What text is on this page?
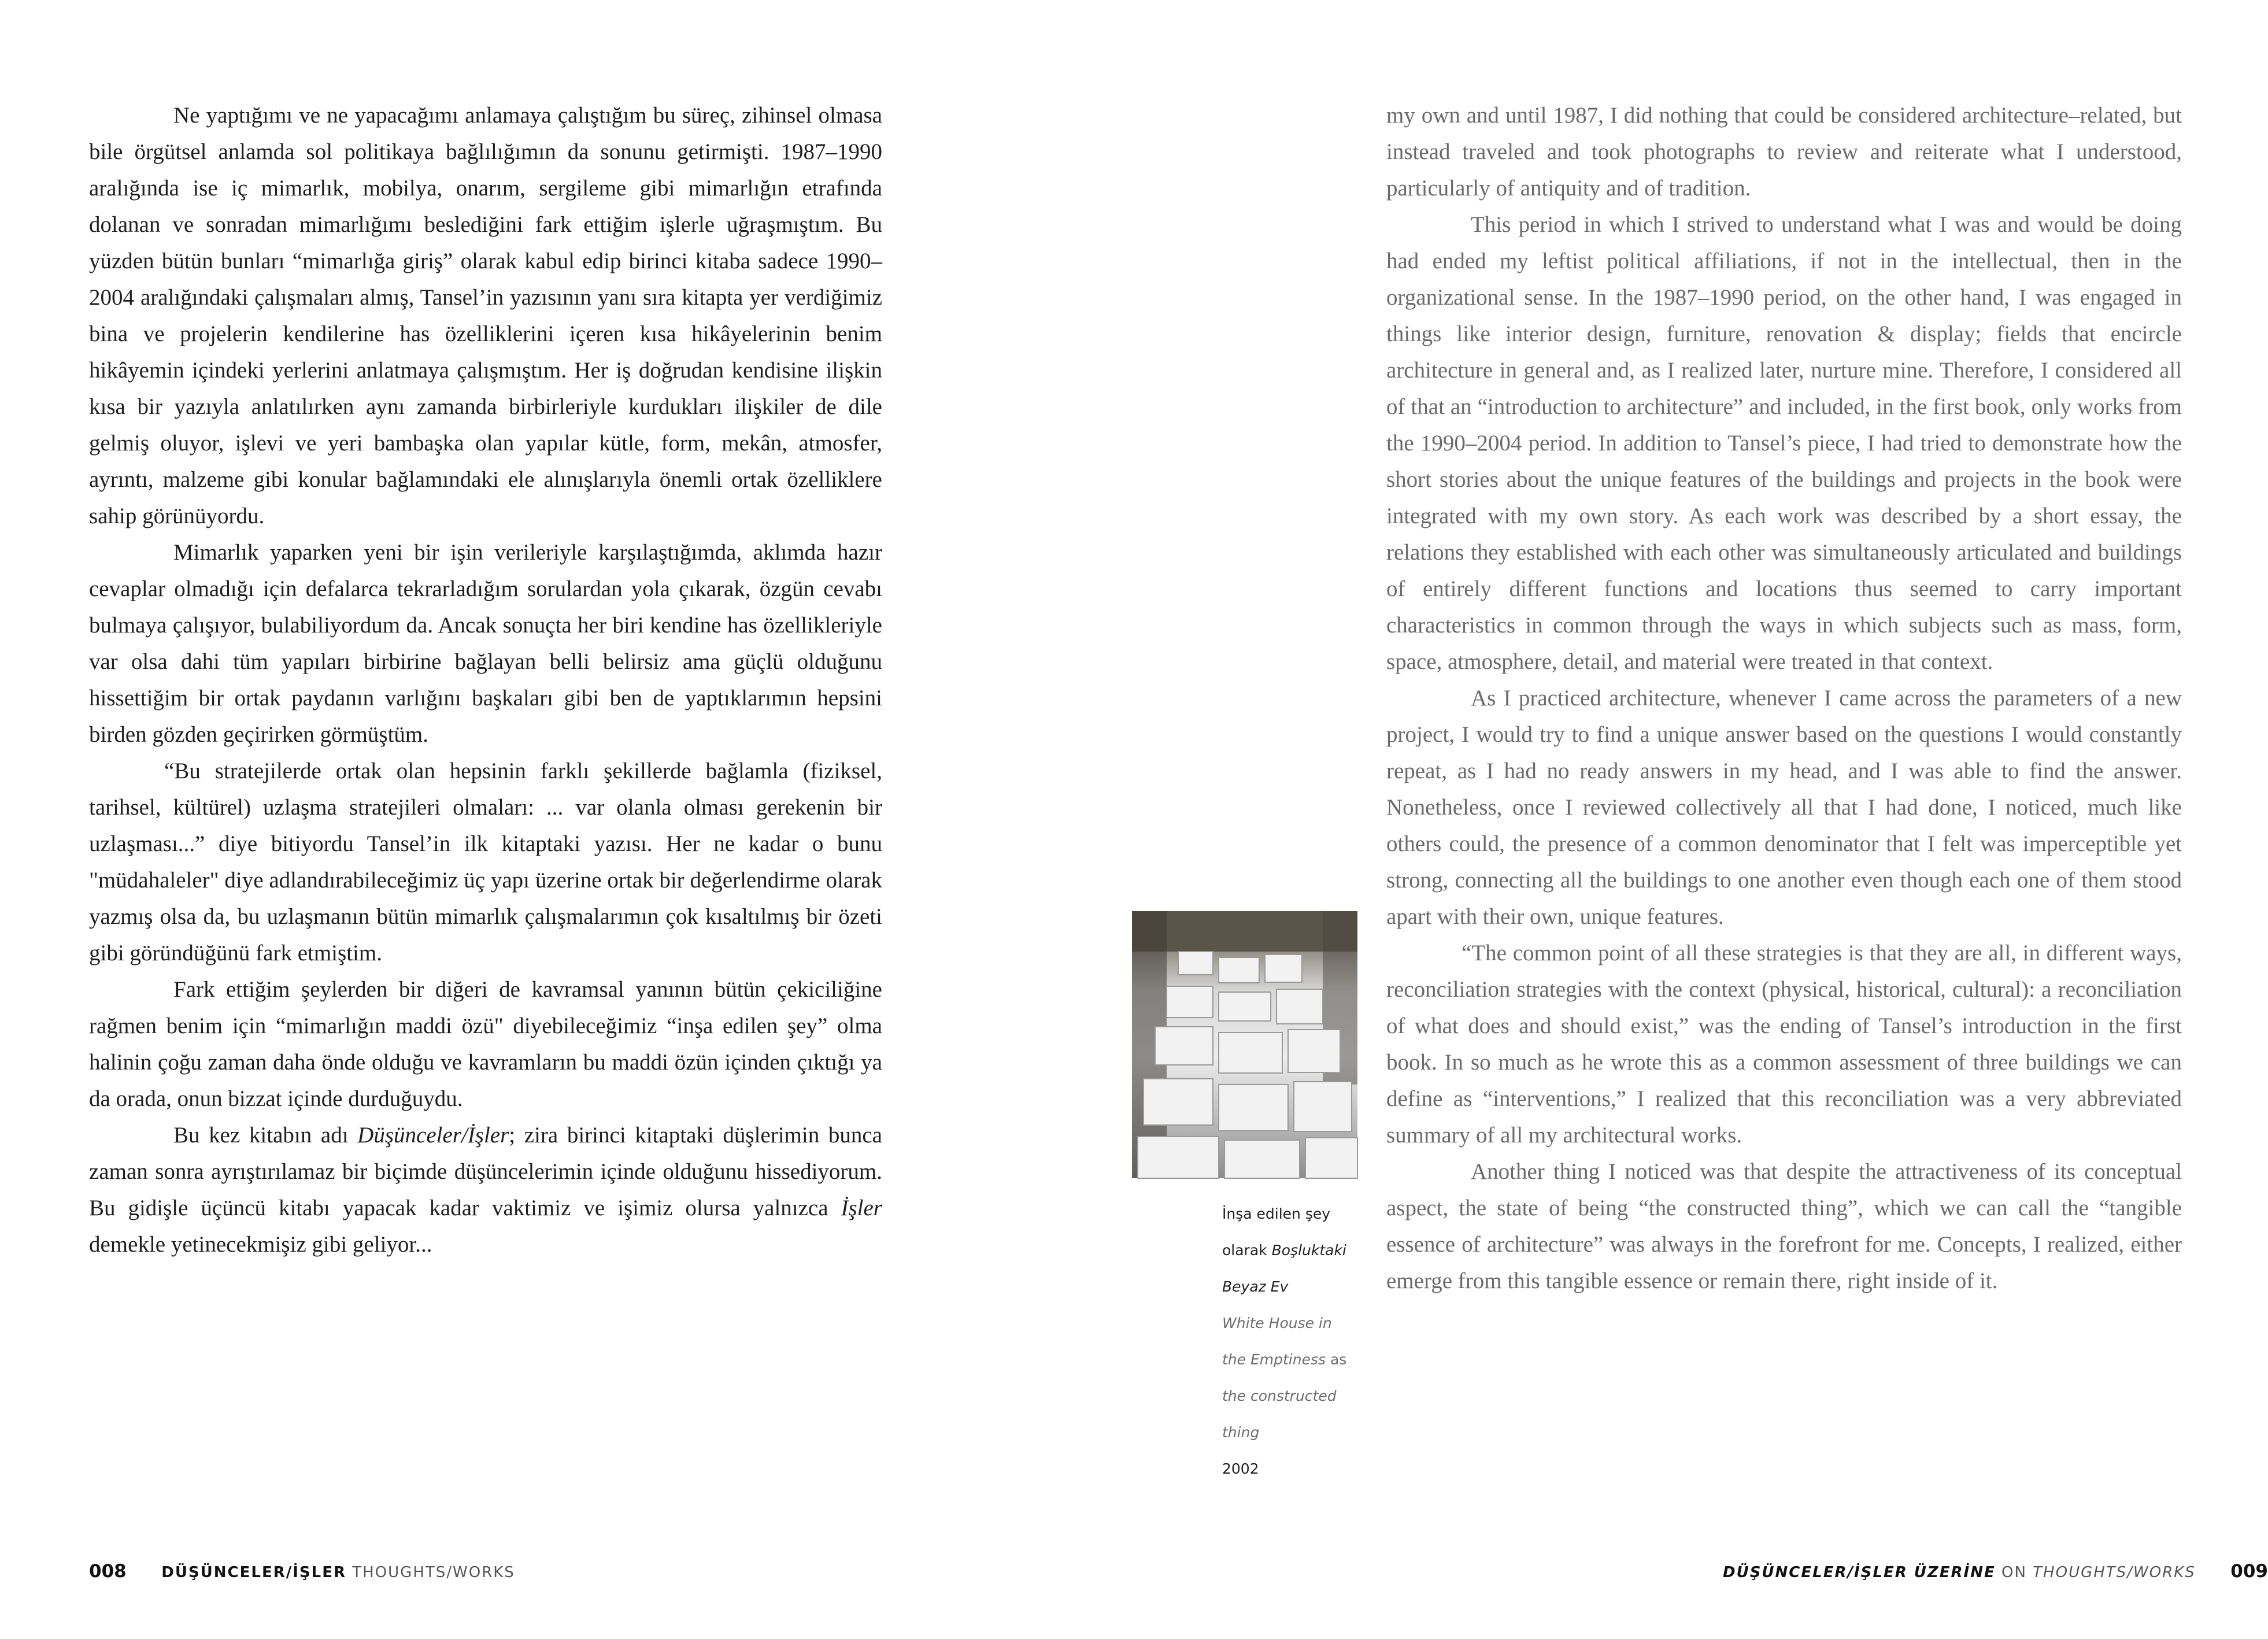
Ne yaptığımı ve ne yapacağımı anlamaya çalıştığım bu süreç, zihinsel olmasa bile örgütsel anlamda sol politikaya bağlılığımın da sonunu getirmişti. 1987–1990 aralığında ise iç mimarlık, mobilya, onarım, sergileme gibi mimarlığın etrafında dolanan ve sonradan mimarlığımı beslediğini fark ettiğim işlerle uğraşmıştım. Bu yüzden bütün bunları “mimarlığa giriş” olarak kabul edip birinci kitaba sadece 1990–2004 aralığındaki çalışmaları almış, Tansel’in yazısının yanı sıra kitapta yer verdiğimiz bina ve projelerin kendilerine has özelliklerini içeren kısa hikâyelerinin benim hikâyemin içindeki yerlerini anlatmaya çalışmıştım. Her iş doğrudan kendisine ilişkin kısa bir yazıyla anlatılırken aynı zamanda birbirleriyle kurdukları ilişkiler de dile gelmiş oluyor, işlevi ve yeri bambaşka olan yapılar kütle, form, mekân, atmosfer, ayrıntı, malzeme gibi konular bağlamındaki ele alınışlarıyla önemli ortak özelliklere sahip görünüyordu.

Mimarlık yaparken yeni bir işin verileriyle karşılaştığımda, aklımda hazır cevaplar olmadığı için defalarca tekrarladığım sorulardan yola çıkarak, özgün cevabı bulmaya çalışıyor, bulabiliyordum da. Ancak sonuçta her biri kendine has özellikleriyle var olsa dahi tüm yapıları birbirine bağlayan belli belirsiz ama güçlü olduğunu hissettiğim bir ortak paydanın varlığını başkaları gibi ben de yaptıklarımın hepsini birden gözden geçirirken görmüştüm.

“Bu stratejilerde ortak olan hepsinin farklı şekillerde bağlamla (fiziksel, tarihsel, kültürel) uzlaşma stratejileri olmaları: ... var olanla olması gerekenin bir uzlaşması...” diye bitiyordu Tansel’in ilk kitaptaki yazısı. Her ne kadar o bunu "müdahaleler" diye adlandırabileceğimiz üç yapı üzerine ortak bir değerlendirme olarak yazmış olsa da, bu uzlaşmanın bütün mimarlık çalışmalarımın çok kısaltılmış bir özeti gibi göründüğünü fark etmiştim.

Fark ettiğim şeylerden bir diğeri de kavramsal yanının bütün çekiciliğine rağmen benim için “mimarlığın maddi özü" diyebileceğimiz “inşa edilen şey” olma halinin çoğu zaman daha önde olduğu ve kavramların bu maddi özün içinden çıktığı ya da orada, onun bizzat içinde durduğuydu.

Bu kez kitabın adı Düşünceler/İşler; zira birinci kitaptaki düşlerimin bunca zaman sonra ayrıştırılamaz bir biçimde düşüncelerimin içinde olduğunu hissediyorum. Bu gidişle üçüncü kitabı yapacak kadar vaktimiz ve işimiz olursa yalnızca İşler demekle yetinecekmişiz gibi geliyor...

008 DÜŞÜNCELER/İŞLER THOUGHTS/WORKS
İnşa edilen şey
olarak Boşluktaki
Beyaz Ev
White House in
the Emptiness as
the constructed
thing
2002

my own and until 1987, I did nothing that could be considered architecture–related, but instead traveled and took photographs to review and reiterate what I understood, particularly of antiquity and of tradition.

This period in which I strived to understand what I was and would be doing had ended my leftist political affiliations, if not in the intellectual, then in the organizational sense. In the 1987–1990 period, on the other hand, I was engaged in things like interior design, furniture, renovation & display; fields that encircle architecture in general and, as I realized later, nurture mine. Therefore, I considered all of that an “introduction to architecture” and included, in the first book, only works from the 1990–2004 period. In addition to Tansel’s piece, I had tried to demonstrate how the short stories about the unique features of the buildings and projects in the book were integrated with my own story. As each work was described by a short essay, the relations they established with each other was simultaneously articulated and buildings of entirely different functions and locations thus seemed to carry important characteristics in common through the ways in which subjects such as mass, form, space, atmosphere, detail, and material were treated in that context.

As I practiced architecture, whenever I came across the parameters of a new project, I would try to find a unique answer based on the questions I would constantly repeat, as I had no ready answers in my head, and I was able to find the answer. Nonetheless, once I reviewed collectively all that I had done, I noticed, much like others could, the presence of a common denominator that I felt was imperceptible yet strong, connecting all the buildings to one another even though each one of them stood apart with their own, unique features.

“The common point of all these strategies is that they are all, in different ways, reconciliation strategies with the context (physical, historical, cultural): a reconciliation of what does and should exist,” was the ending of Tansel’s introduction in the first book. In so much as he wrote this as a common assessment of three buildings we can define as “interventions,” I realized that this reconciliation was a very abbreviated summary of all my architectural works.

Another thing I noticed was that despite the attractiveness of its conceptual aspect, the state of being “the constructed thing”, which we can call the “tangible essence of architecture” was always in the forefront for me. Concepts, I realized, either emerge from this tangible essence or remain there, right inside of it.

DÜŞÜNCELER/İŞLER ÜZERİNE ON THOUGHTS/WORKS 009
